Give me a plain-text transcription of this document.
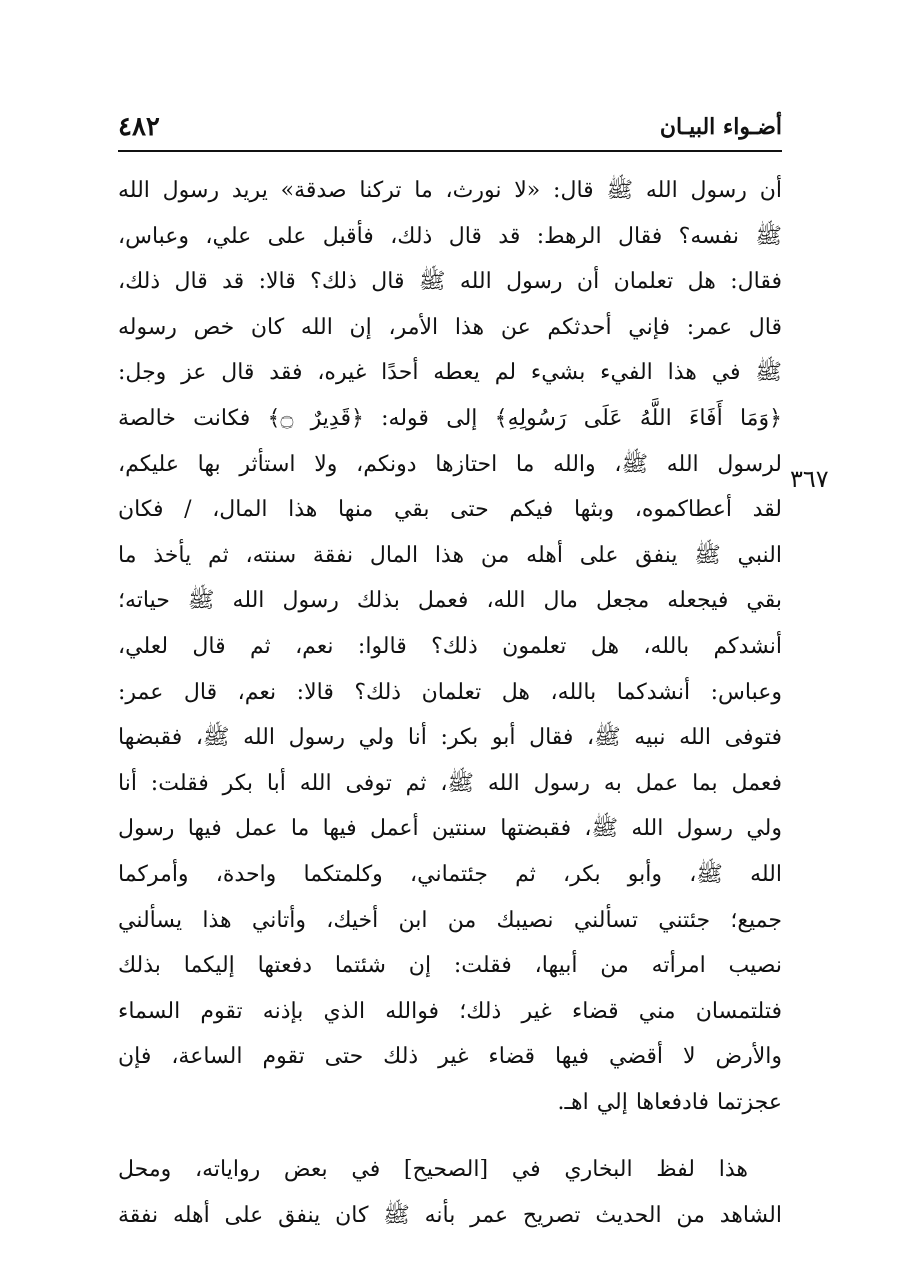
٤٨٢	أضـواء البيـان
٣٦٧
أن رسول الله ﷺ قال: «لا نورث، ما تركنا صدقة» يريد رسول الله
ﷺ نفسه؟ فقال الرهط: قد قال ذلك، فأقبل على علي، وعباس،
فقال: هل تعلمان أن رسول الله ﷺ قال ذلك؟ قالا: قد قال ذلك،
قال عمر: فإني أحدثكم عن هذا الأمر، إن الله كان خص رسوله
ﷺ في هذا الفيء بشيء لم يعطه أحدًا غيره، فقد قال عز وجل:
﴿وَمَا أَفَاءَ اللَّهُ عَلَى رَسُولِهِ﴾ إلى قوله: ﴿قَدِيرٌ ۝﴾ فكانت خالصة
لرسول الله ﷺ، والله ما احتازها دونكم، ولا استأثر بها عليكم،
لقد أعطاكموه، وبثها فيكم حتى بقي منها هذا المال، / فكان
النبي ﷺ ينفق على أهله من هذا المال نفقة سنته، ثم يأخذ ما
بقي فيجعله مجعل مال الله، فعمل بذلك رسول الله ﷺ حياته؛
أنشدكم بالله، هل تعلمون ذلك؟ قالوا: نعم، ثم قال لعلي،
وعباس: أنشدكما بالله، هل تعلمان ذلك؟ قالا: نعم، قال عمر:
فتوفى الله نبيه ﷺ، فقال أبو بكر: أنا ولي رسول الله ﷺ، فقبضها
فعمل بما عمل به رسول الله ﷺ، ثم توفى الله أبا بكر فقلت: أنا
ولي رسول الله ﷺ، فقبضتها سنتين أعمل فيها ما عمل فيها رسول
الله ﷺ، وأبو بكر، ثم جئتماني، وكلمتكما واحدة، وأمركما
جميع؛ جئتني تسألني نصيبك من ابن أخيك، وأتاني هذا يسألني
نصيب امرأته من أبيها، فقلت: إن شئتما دفعتها إليكما بذلك
فتلتمسان مني قضاء غير ذلك؛ فوالله الذي بإذنه تقوم السماء
والأرض لا أقضي فيها قضاء غير ذلك حتى تقوم الساعة، فإن
عجزتما فادفعاها إلي اهـ.
هذا لفظ البخاري في [الصحيح] في بعض رواياته، ومحل
الشاهد من الحديث تصريح عمر بأنه ﷺ كان ينفق على أهله نفقة
